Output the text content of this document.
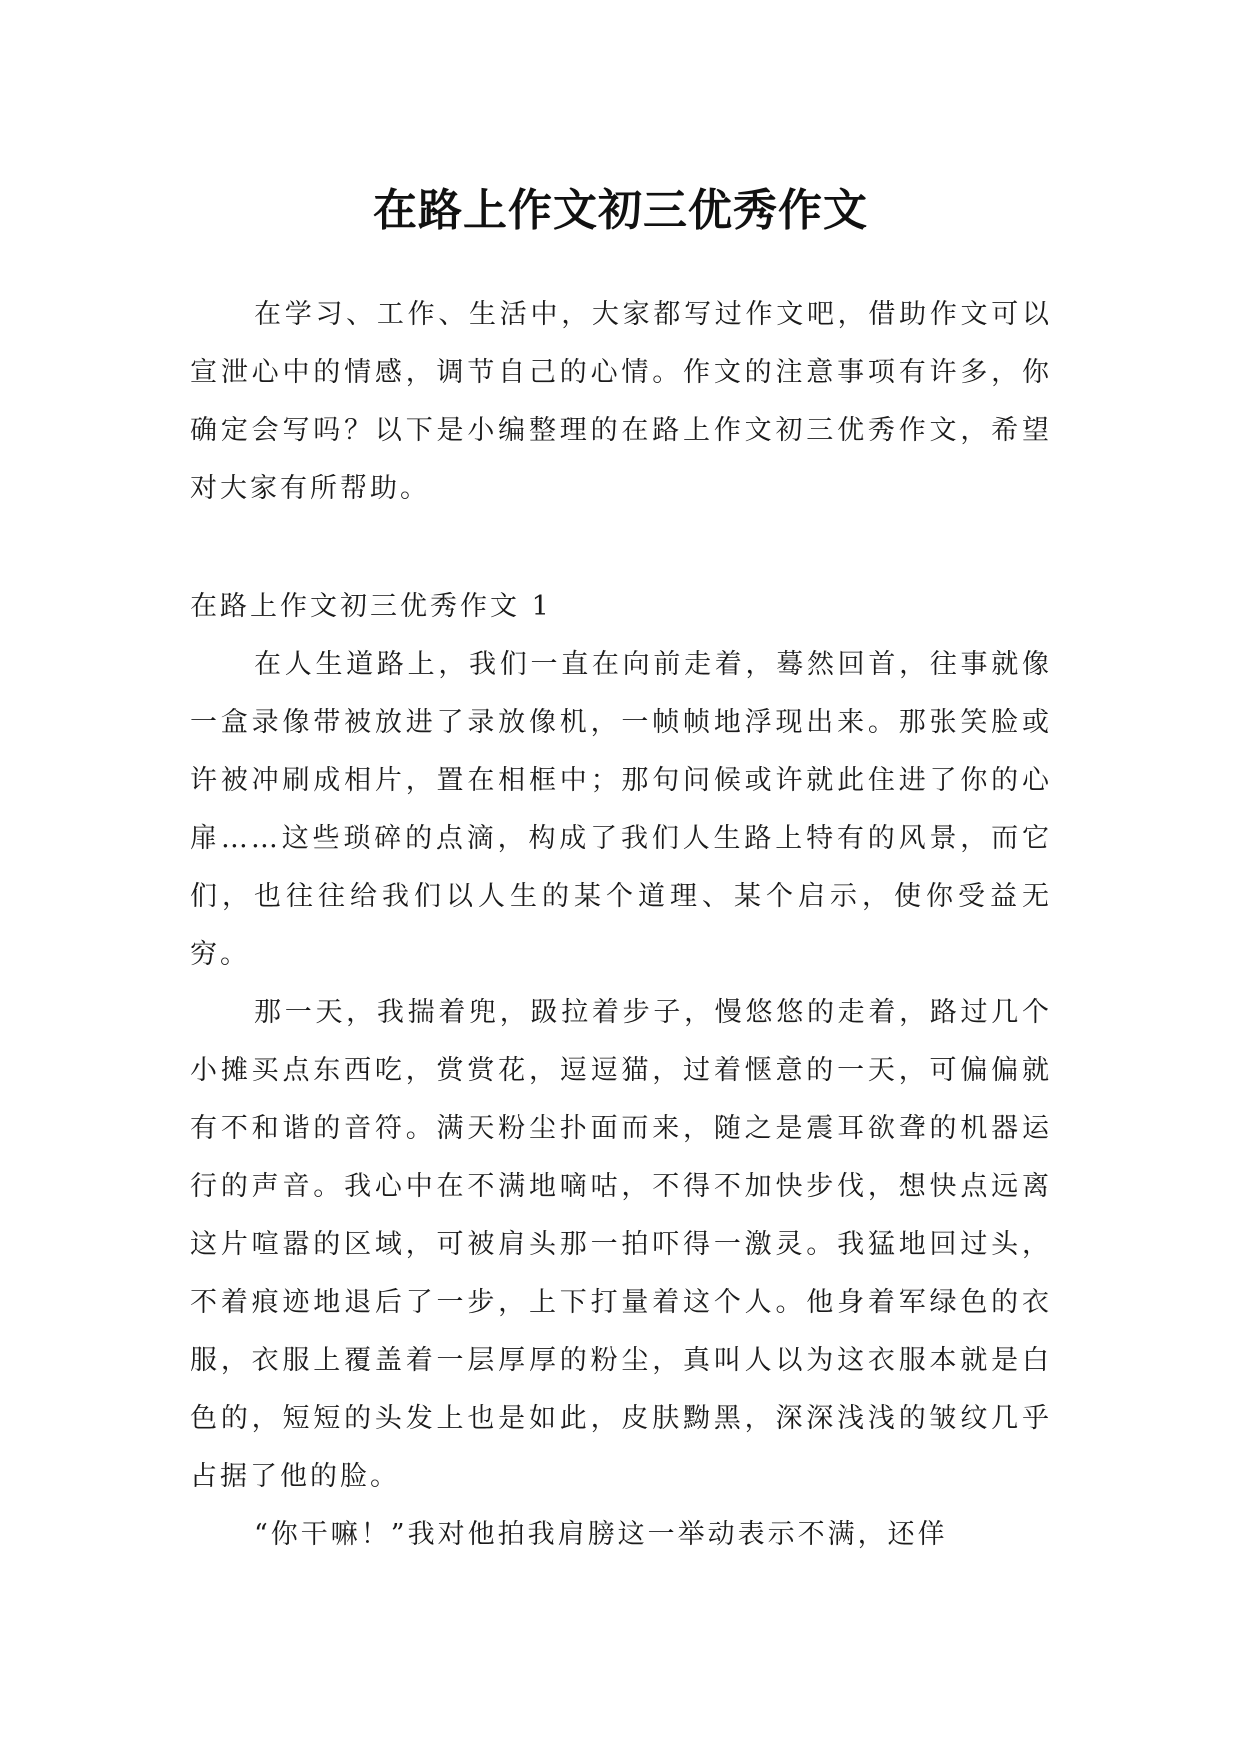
在路上作文初三优秀作文

在学习、工作、生活中，大家都写过作文吧，借助作文可以宣泄心中的情感，调节自己的心情。作文的注意事项有许多，你确定会写吗？以下是小编整理的在路上作文初三优秀作文，希望对大家有所帮助。

在路上作文初三优秀作文 1

在人生道路上，我们一直在向前走着，蓦然回首，往事就像一盒录像带被放进了录放像机，一帧帧地浮现出来。那张笑脸或许被冲刷成相片，置在相框中；那句问候或许就此住进了你的心扉……这些琐碎的点滴，构成了我们人生路上特有的风景，而它们，也往往给我们以人生的某个道理、某个启示，使你受益无穷。

那一天，我揣着兜，趿拉着步子，慢悠悠的走着，路过几个小摊买点东西吃，赏赏花，逗逗猫，过着惬意的一天，可偏偏就有不和谐的音符。满天粉尘扑面而来，随之是震耳欲聋的机器运行的声音。我心中在不满地嘀咕，不得不加快步伐，想快点远离这片喧嚣的区域，可被肩头那一拍吓得一激灵。我猛地回过头，不着痕迹地退后了一步，上下打量着这个人。他身着军绿色的衣服，衣服上覆盖着一层厚厚的粉尘，真叫人以为这衣服本就是白色的，短短的头发上也是如此，皮肤黝黑，深深浅浅的皱纹几乎占据了他的脸。

“你干嘛！”我对他拍我肩膀这一举动表示不满，还佯
